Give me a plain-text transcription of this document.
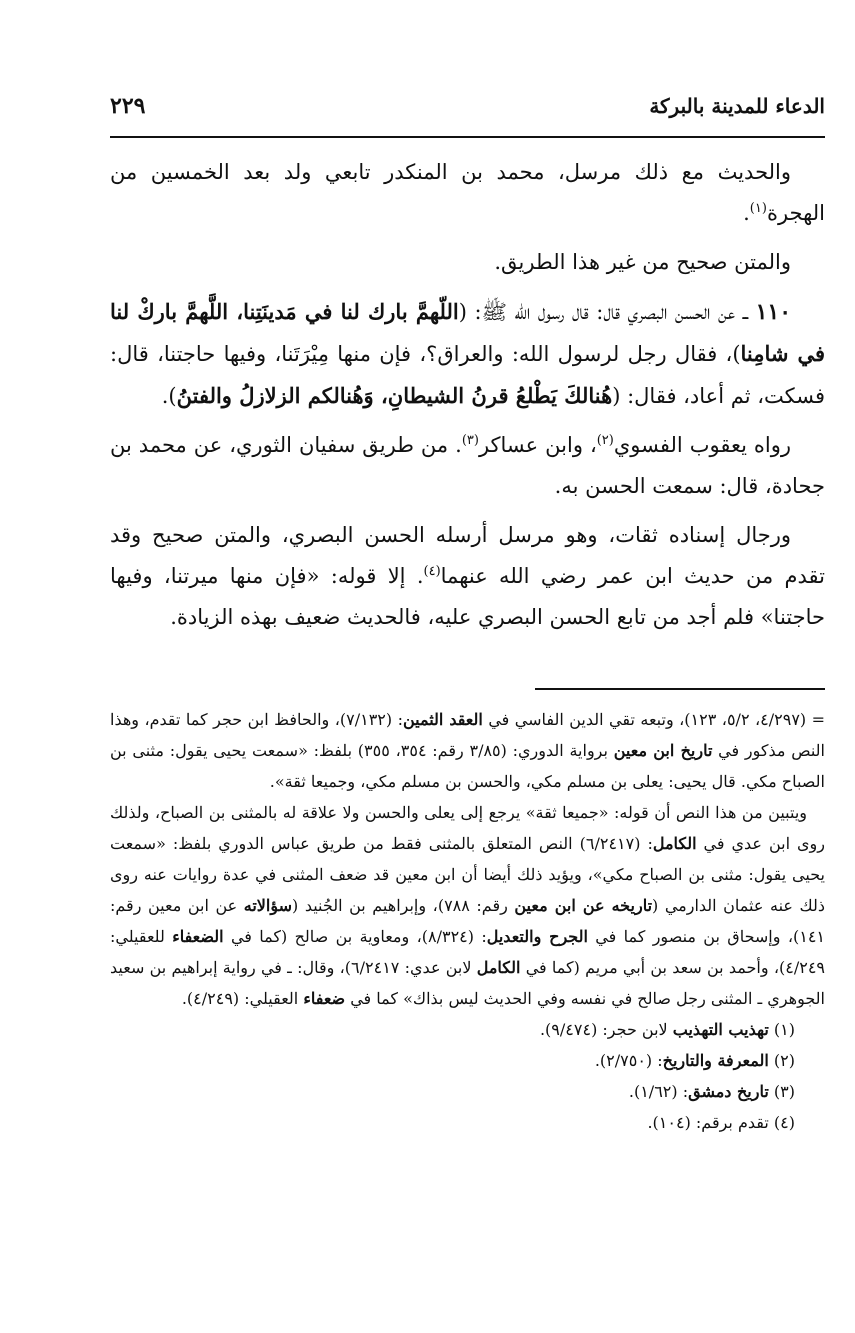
الدعاء للمدينة بالبركة
٢٢٩

والحديث مع ذلك مرسل، محمد بن المنكدر تابعي ولد بعد الخمسين من الهجرة$^{(١)}$.

والمتن صحيح من غير هذا الطريق.

١١٠ ــ عن الحسن البصري قال: قال رسول الله ﷺ: (اللّهمَّ بارك لنا في مَدينَتِنا، اللَّهمَّ باركْ لنا في شامِنا)، فقال رجل لرسول الله: والعراق؟، فإن منها مِيْرَتَنا، وفيها حاجتنا، قال: فسكت، ثم أعاد، فقال: (هُنالكَ يَطْلعُ قرنُ الشيطانِ، وَهُنالكم الزلازلُ والفتنُ).

رواه يعقوب الفسوي$^{(٢)}$، وابن عساكر$^{(٣)}$. من طريق سفيان الثوري، عن محمد بن جحادة، قال: سمعت الحسن به.

ورجال إسناده ثقات، وهو مرسل أرسله الحسن البصري، والمتن صحيح وقد تقدم من حديث ابن عمر رضي الله عنهما$^{(٤)}$. إلا قوله: «فإن منها ميرتنا، وفيها حاجتنا» فلم أجد من تابع الحسن البصري عليه، فالحديث ضعيف بهذه الزيادة.

= (٤/٢٩٧، ٥/٢، ١٢٣)، وتبعه تقي الدين الفاسي في العقد الثمين: (٧/١٣٢)، والحافظ ابن حجر كما تقدم، وهذا النص مذكور في تاريخ ابن معين برواية الدوري: (٣/٨٥ رقم: ٣٥٤، ٣٥٥) بلفظ: «سمعت يحيى يقول: مثنى بن الصباح مكي. قال يحيى: يعلى بن مسلم مكي، والحسن بن مسلم مكي، وجميعا ثقة».

ويتبين من هذا النص أن قوله: «جميعا ثقة» يرجع إلى يعلى والحسن ولا علاقة له بالمثنى بن الصباح، ولذلك روى ابن عدي في الكامل: (٦/٢٤١٧) النص المتعلق بالمثنى فقط من طريق عباس الدوري بلفظ: «سمعت يحيى يقول: مثنى بن الصباح مكي»، ويؤيد ذلك أيضا أن ابن معين قد ضعف المثنى في عدة روايات عنه روى ذلك عنه عثمان الدارمي (تاريخه عن ابن معين رقم: ٧٨٨)، وإبراهيم بن الجُنيد (سؤالاته عن ابن معين رقم: ١٤١)، وإسحاق بن منصور كما في الجرح والتعديل: (٨/٣٢٤)، ومعاوية بن صالح (كما في الضعفاء للعقيلي: ٤/٢٤٩)، وأحمد بن سعد بن أبي مريم (كما في الكامل لابن عدي: ٦/٢٤١٧)، وقال: ـ في رواية إبراهيم بن سعيد الجوهري ـ المثنى رجل صالح في نفسه وفي الحديث ليس بذاك» كما في ضعفاء العقيلي: (٤/٢٤٩).

(١) تهذيب التهذيب لابن حجر: (٩/٤٧٤).

(٢) المعرفة والتاريخ: (٢/٧٥٠).

(٣) تاريخ دمشق: (١/٦٢).

(٤) تقدم برقم: (١٠٤).
